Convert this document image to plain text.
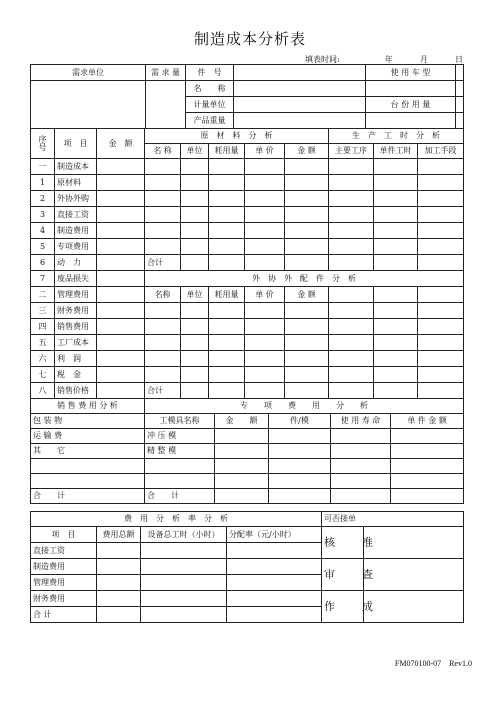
制造成本分析表
填表时间:	年	月	日
需求单位	需 求 量	件　号		使 用 车 型	
		名　　称			
		计量单位		台 份 用 量	
		产品重量			
序
号	项　目	金　额	原　材　料　分　析					生　产　工　时　分　析		
			名 称	单位	耗用量	单 价	金 额	主要工序	单件工时	加工手段
一	制造成本									
1	原材料									
2	外协外购									
3	直接工资									
4	制造费用									
5	专项费用									
6	动　力		合计							
7	废品损失		外　协　外　配　件　分　析							
二	管理费用		名称	单位	耗用量	单 价	金 额			
三	财务费用									
四	销售费用									
五	工厂成本									
六	利　润									
七	税　金									
八	销售价格		合计							
销 售 费 用 分 析	专　　项　　费　　用　　分　　析				
包 装 物	工模具名称	金　　额	件/模	使 用 寿 命	单 件 金 额
运 输 费	冲 压 模				
其　　它	精 整 模				

合　　计	合　　计				
费　用　分　析　率　分　析				可否接单	
项　目	费用总额	设备总工时（小时）	分配率（元/小时）	核　准	
直接工资					
制造费用				审　查	
管理费用					
财务费用				作　成	
合 计					
FM070100-07　Rev1.0
